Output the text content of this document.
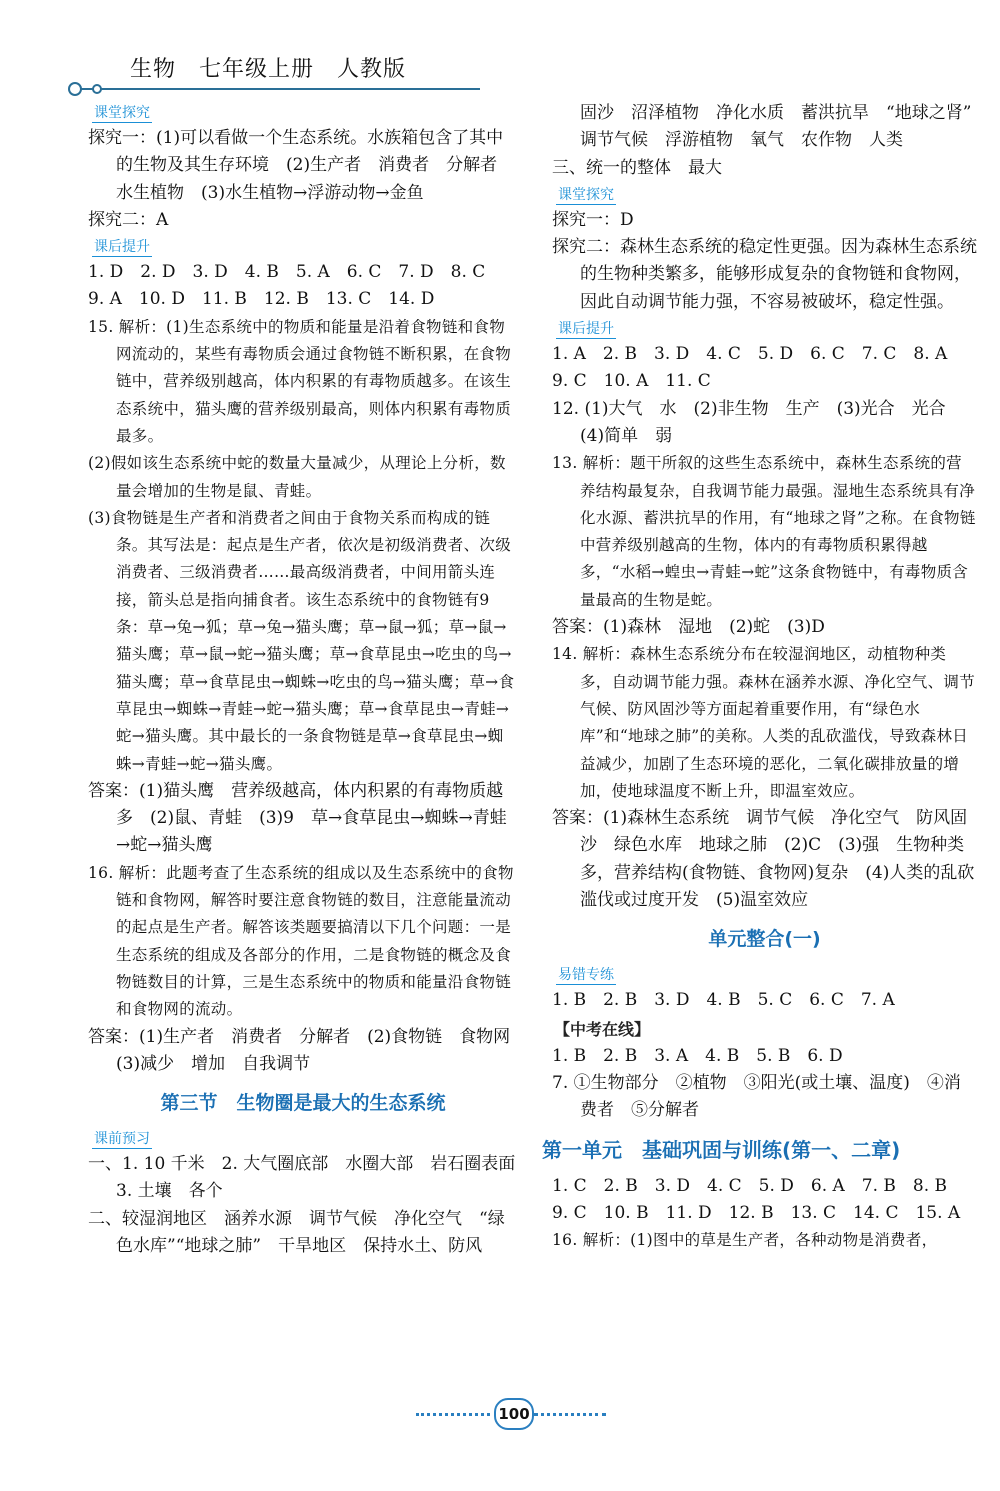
生物　七年级上册　人教版
课堂探究

探究一：(1)可以看做一个生态系统。水族箱包含了其中的生物及其生存环境　(2)生产者　消费者　分解者　水生植物　(3)水生植物→浮游动物→金鱼

探究二：A

课后提升

1. D　2. D　3. D　4. B　5. A　6. C　7. D　8. C

9. A　10. D　11. B　12. B　13. C　14. D

15. 解析：(1)生态系统中的物质和能量是沿着食物链和食物网流动的，某些有毒物质会通过食物链不断积累，在食物链中，营养级别越高，体内积累的有毒物质越多。在该生态系统中，猫头鹰的营养级别最高，则体内积累有毒物质最多。

(2)假如该生态系统中蛇的数量大量减少，从理论上分析，数量会增加的生物是鼠、青蛙。

(3)食物链是生产者和消费者之间由于食物关系而构成的链条。其写法是：起点是生产者，依次是初级消费者、次级消费者、三级消费者……最高级消费者，中间用箭头连接，箭头总是指向捕食者。该生态系统中的食物链有9条：草→兔→狐；草→兔→猫头鹰；草→鼠→狐；草→鼠→猫头鹰；草→鼠→蛇→猫头鹰；草→食草昆虫→吃虫的鸟→猫头鹰；草→食草昆虫→蜘蛛→吃虫的鸟→猫头鹰；草→食草昆虫→蜘蛛→青蛙→蛇→猫头鹰；草→食草昆虫→青蛙→蛇→猫头鹰。其中最长的一条食物链是草→食草昆虫→蜘蛛→青蛙→蛇→猫头鹰。

答案：(1)猫头鹰　营养级越高，体内积累的有毒物质越多　(2)鼠、青蛙　(3)9　草→食草昆虫→蜘蛛→青蛙→蛇→猫头鹰

16. 解析：此题考查了生态系统的组成以及生态系统中的食物链和食物网，解答时要注意食物链的数目，注意能量流动的起点是生产者。解答该类题要搞清以下几个问题：一是生态系统的组成及各部分的作用，二是食物链的概念及食物链数目的计算，三是生态系统中的物质和能量沿食物链和食物网的流动。

答案：(1)生产者　消费者　分解者　(2)食物链　食物网　(3)减少　增加　自我调节

第三节　生物圈是最大的生态系统
课前预习

一、1. 10 千米　2. 大气圈底部　水圈大部　岩石圈表面　3. 土壤　各个

二、较湿润地区　涵养水源　调节气候　净化空气　“绿色水库”“地球之肺”　干旱地区　保持水土、防风

固沙　沼泽植物　净化水质　蓄洪抗旱　“地球之肾”　调节气候　浮游植物　氧气　农作物　人类

三、统一的整体　最大

课堂探究

探究一：D

探究二：森林生态系统的稳定性更强。因为森林生态系统的生物种类繁多，能够形成复杂的食物链和食物网，因此自动调节能力强，不容易被破坏，稳定性强。

课后提升

1. A　2. B　3. D　4. C　5. D　6. C　7. C　8. A

9. C　10. A　11. C

12. (1)大气　水　(2)非生物　生产　(3)光合　光合　(4)简单　弱

13. 解析：题干所叙的这些生态系统中，森林生态系统的营养结构最复杂，自我调节能力最强。湿地生态系统具有净化水源、蓄洪抗旱的作用，有“地球之肾”之称。在食物链中营养级别越高的生物，体内的有毒物质积累得越多，“水稻→蝗虫→青蛙→蛇”这条食物链中，有毒物质含量最高的生物是蛇。

答案：(1)森林　湿地　(2)蛇　(3)D

14. 解析：森林生态系统分布在较湿润地区，动植物种类多，自动调节能力强。森林在涵养水源、净化空气、调节气候、防风固沙等方面起着重要作用，有“绿色水库”和“地球之肺”的美称。人类的乱砍滥伐，导致森林日益减少，加剧了生态环境的恶化，二氧化碳排放量的增加，使地球温度不断上升，即温室效应。

答案：(1)森林生态系统　调节气候　净化空气　防风固沙　绿色水库　地球之肺　(2)C　(3)强　生物种类多，营养结构(食物链、食物网)复杂　(4)人类的乱砍滥伐或过度开发　(5)温室效应

单元整合(一)
易错专练

1. B　2. B　3. D　4. B　5. C　6. C　7. A

【中考在线】

1. B　2. B　3. A　4. B　5. B　6. D

7. ①生物部分　②植物　③阳光(或土壤、温度)　④消费者　⑤分解者

第一单元　基础巩固与训练(第一、二章)

1. C　2. B　3. D　4. C　5. D　6. A　7. B　8. B

9. C　10. B　11. D　12. B　13. C　14. C　15. A

16. 解析：(1)图中的草是生产者，各种动物是消费者，

100
